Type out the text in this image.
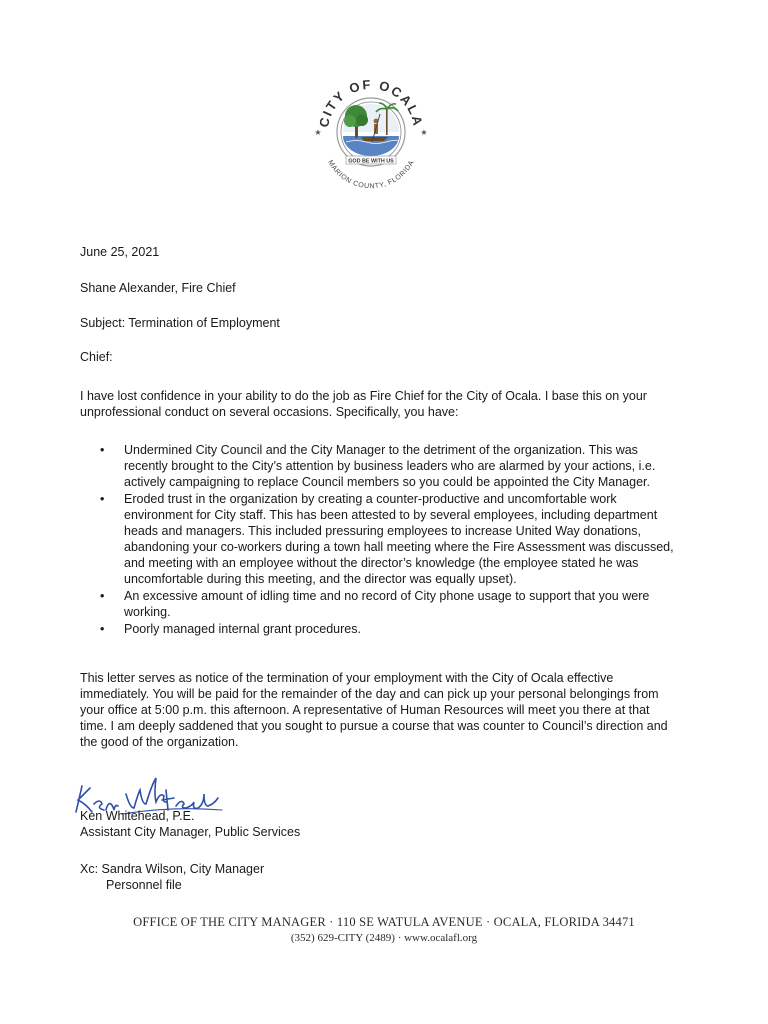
GOD BE WITH US
★	★
CITY OF OCALA
MARION COUNTY, FLORIDA
June 25, 2021
Shane Alexander, Fire Chief
Subject: Termination of Employment
Chief:
I have lost confidence in your ability to do the job as Fire Chief for the City of Ocala. I base this on your unprofessional conduct on several occasions. Specifically, you have:
• Undermined City Council and the City Manager to the detriment of the organization. This was recently brought to the City’s attention by business leaders who are alarmed by your actions, i.e. actively campaigning to replace Council members so you could be appointed the City Manager.
• Eroded trust in the organization by creating a counter-productive and uncomfortable work environment for City staff. This has been attested to by several employees, including department heads and managers. This included pressuring employees to increase United Way donations, abandoning your co-workers during a town hall meeting where the Fire Assessment was discussed, and meeting with an employee without the director’s knowledge (the employee stated he was uncomfortable during this meeting, and the director was equally upset).
• An excessive amount of idling time and no record of City phone usage to support that you were working.
• Poorly managed internal grant procedures.
This letter serves as notice of the termination of your employment with the City of Ocala effective immediately. You will be paid for the remainder of the day and can pick up your personal belongings from your office at 5:00 p.m. this afternoon. A representative of Human Resources will meet you there at that time. I am deeply saddened that you sought to pursue a course that was counter to Council’s direction and the good of the organization.
Ken Whitehead, P.E.
Assistant City Manager, Public Services
Xc: Sandra Wilson, City Manager
Personnel file
OFFICE OF THE CITY MANAGER · 110 SE WATULA AVENUE · OCALA, FLORIDA 34471
(352) 629-CITY (2489) · www.ocalafl.org
